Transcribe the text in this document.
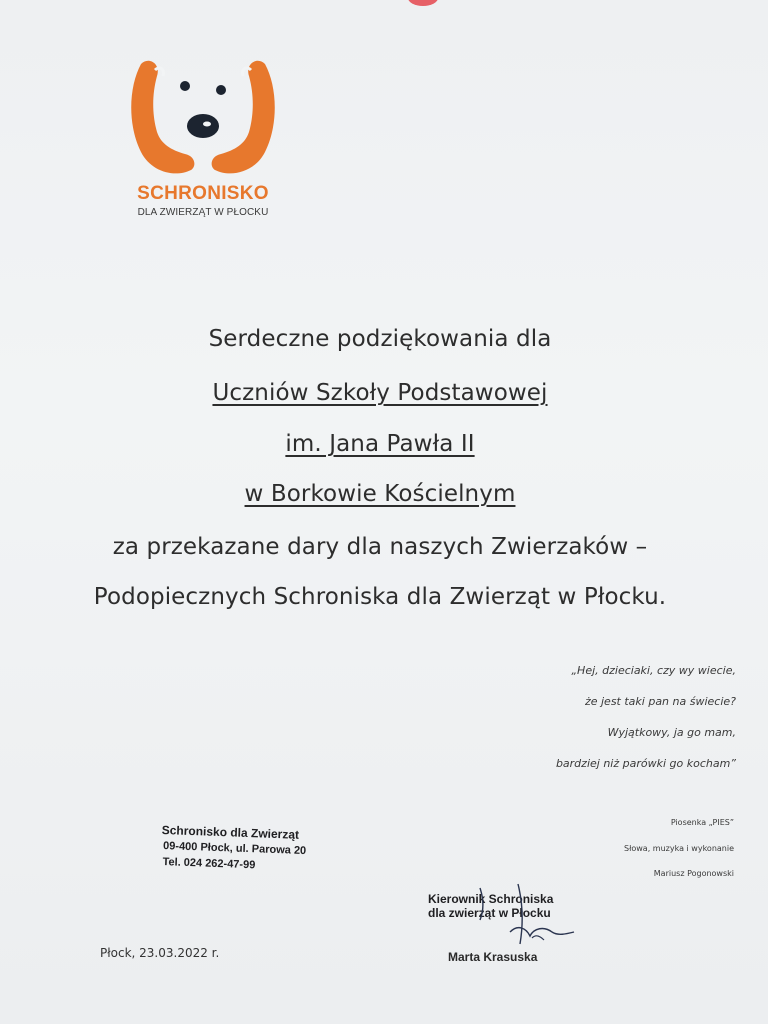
SCHRONISKO
DLA ZWIERZĄT W PŁOCKU
Serdeczne podziękowania dla
Uczniów Szkoły Podstawowej
im. Jana Pawła II
w Borkowie Kościelnym
za przekazane dary dla naszych Zwierzaków –
Podopiecznych Schroniska dla Zwierząt w Płocku.
„Hej, dzieciaki, czy wy wiecie,
że jest taki pan na świecie?
Wyjątkowy, ja go mam,
bardziej niż parówki go kocham”
Piosenka „PIES”
Słowa, muzyka i wykonanie
Mariusz Pogonowski
Schronisko dla Zwierząt
09-400 Płock, ul. Parowa 20
Tel. 024 262-47-99
Płock, 23.03.2022 r.
Kierownik Schroniska
dla zwierząt w Płocku
Marta Krasuska
